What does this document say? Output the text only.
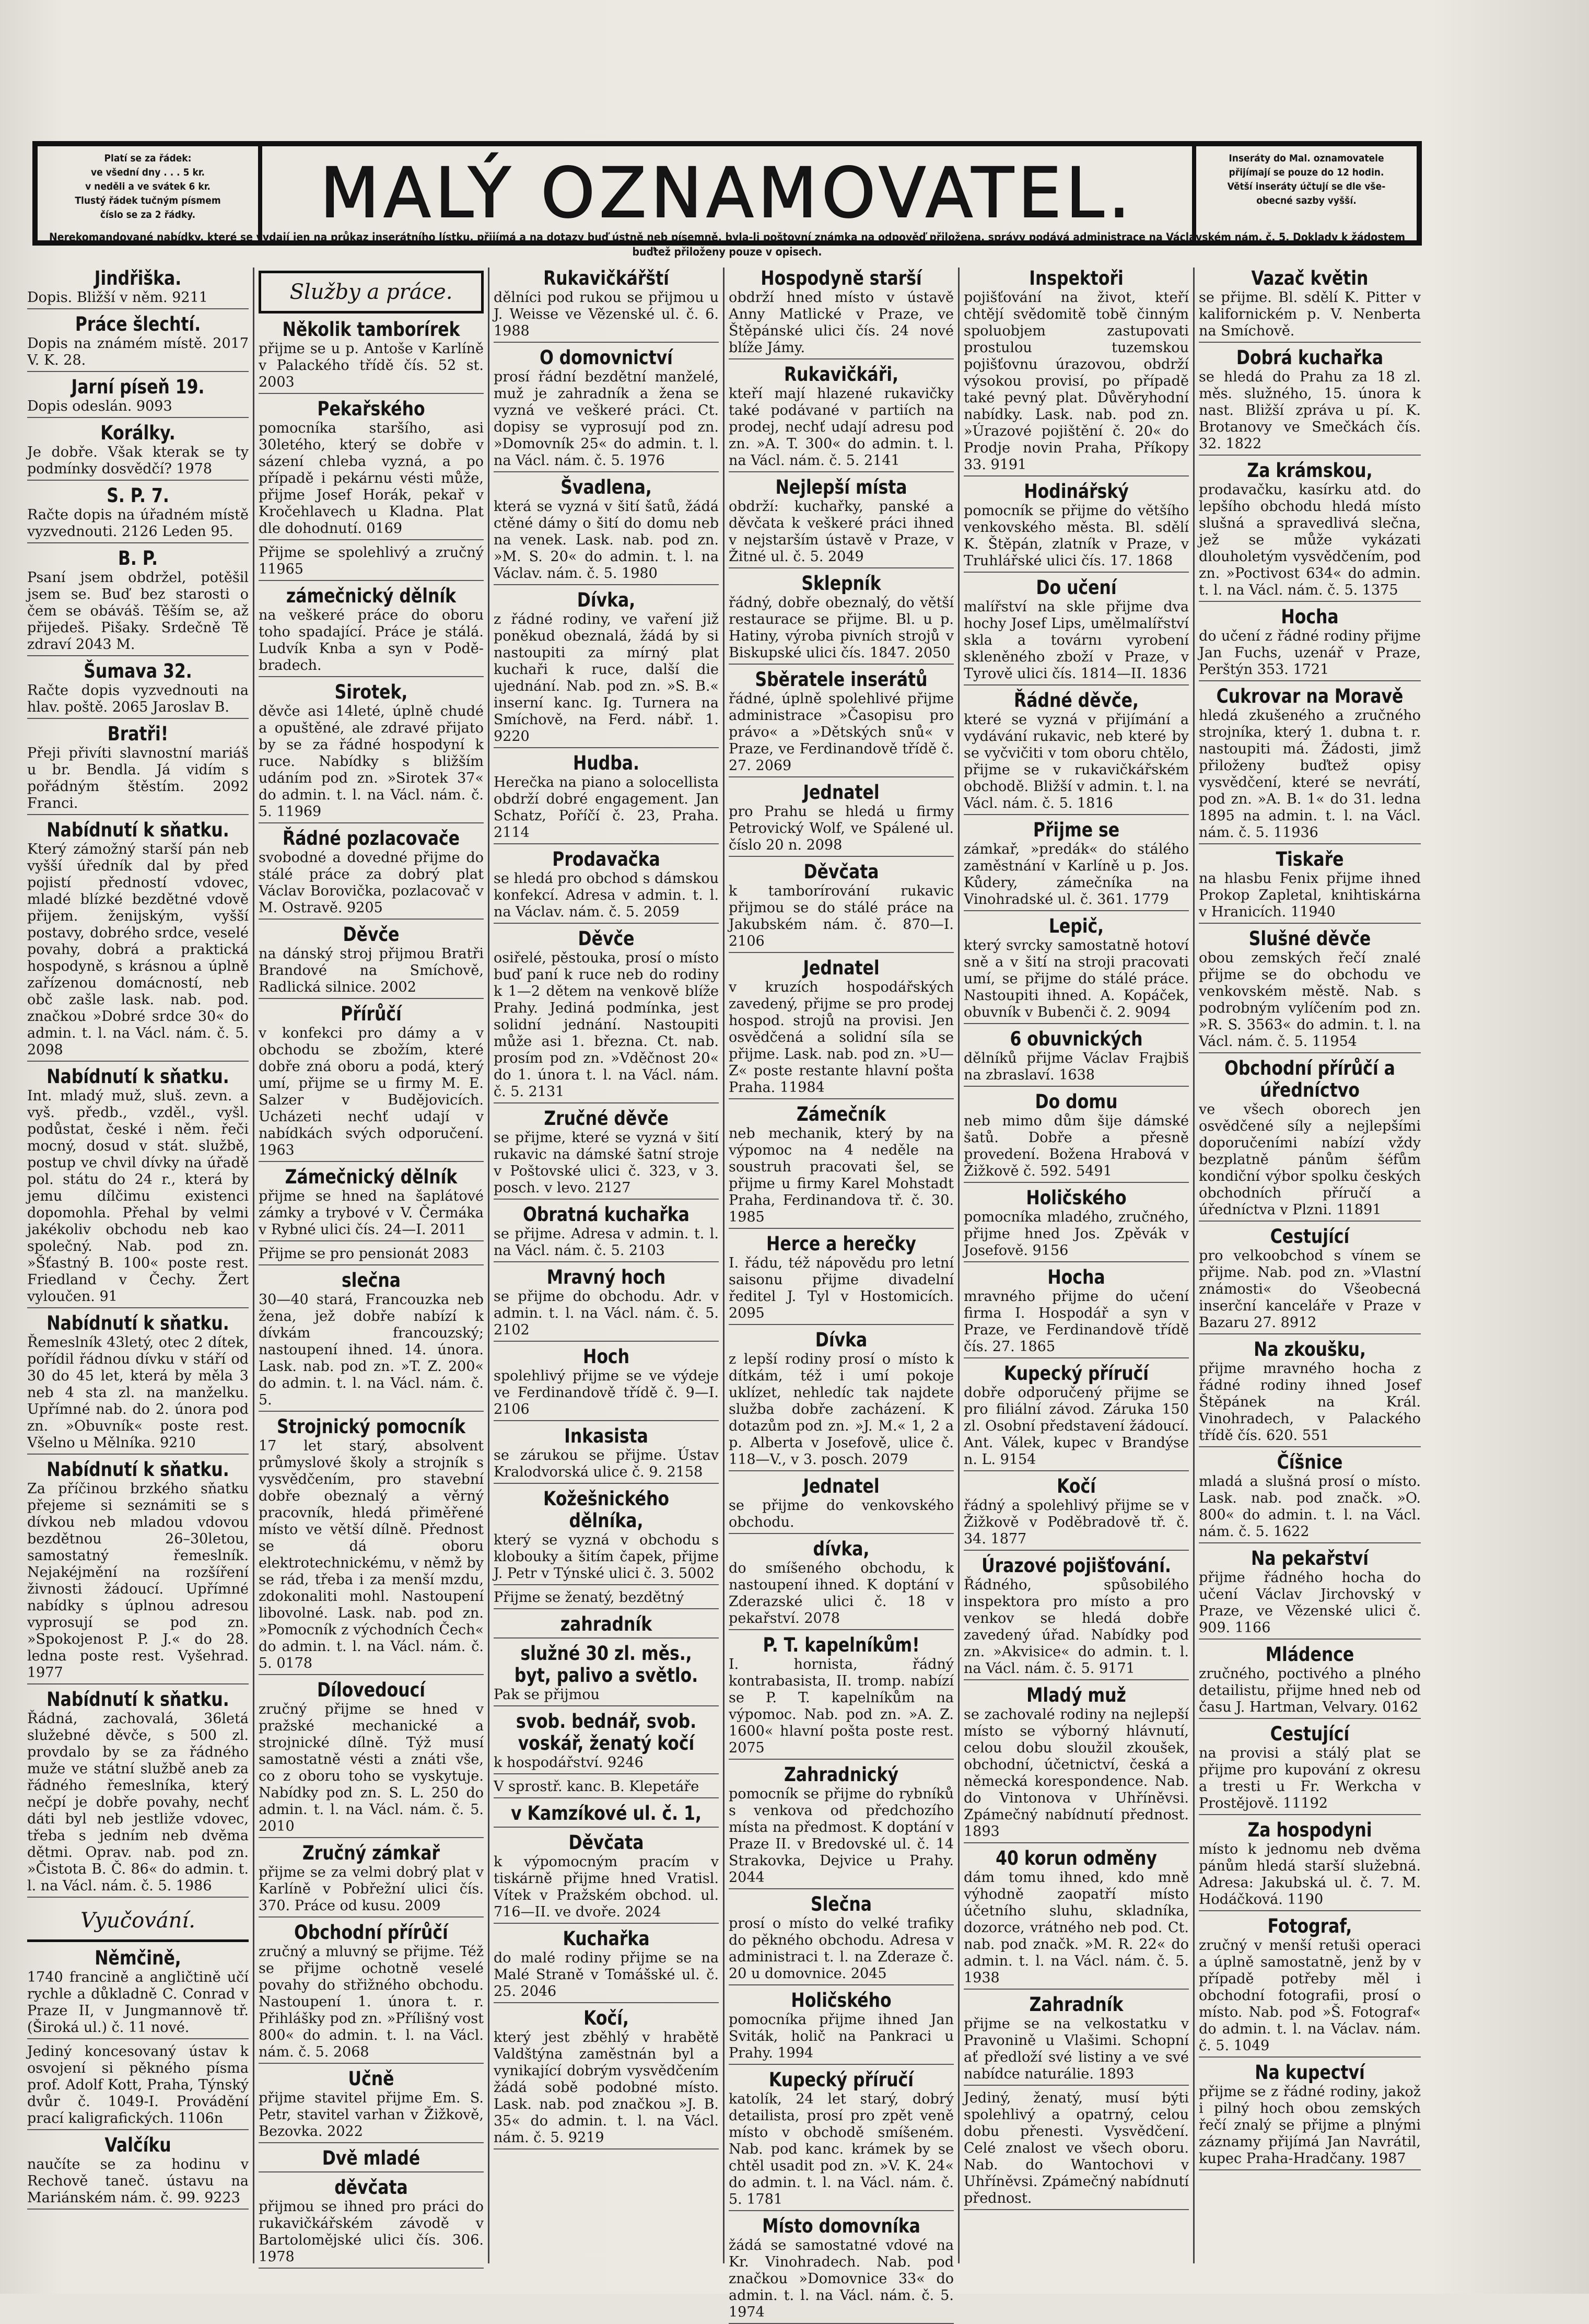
Platí se za řádek:
ve všední dny . . . 5 kr.
v neděli a ve svátek 6 kr.
Tlustý řádek tučným písmem
číslo se za 2 řádky.	MALÝ OZNAMOVATEL.	Inseráty do Mal. oznamovatele
přijímají se pouze do 12 hodin.
Větší inseráty účtují se dle vše-
obecné sazby vyšší.
Nerekomandované nabídky, které se vydají jen na průkaz inserátního lístku, přijímá a na dotazy buď ústně neb písemně, byla-li poštovní známka na odpověď přiložena, správy podává administrace na Václavském nám. č. 5. Doklady k žádostem buďtež přiloženy pouze v opisech.
Jindřiška.

Dopis. Bližší v něm. 9211

Práce šlechtí.

Dopis na známém místě. 2017 V. K. 28.

Jarní píseň 19.

Dopis odeslán. 9093

Korálky.

Je dobře. Však kterak se ty podmínky dosvědčí? 1978

S. P. 7.

Račte dopis na úřadném místě vyzvednouti. 2126 Leden 95.

B. P.

Psaní jsem obdržel, potěšil jsem se. Buď bez starosti o čem se obáváš. Těším se, až přijedeš. Pišaky. Srdečně Tě zdraví 2043 M.

Šumava 32.

Račte dopis vyzvednouti na hlav. poště. 2065 Jaroslav B.

Bratři!

Přeji přivíti slavnostní mariáš u br. Bendla. Já vidím s pořádným štěstím. 2092 Franci.

Nabídnutí k sňatku.

Který zámožný starší pán neb vyšší úředník dal by před pojistí předností vdovec, mladé blízké bezdětné vdově přijem. ženijským, vyšší postavy, dobrého srdce, veselé povahy, dobrá a praktická hospodyně, s krásnou a úplně zařízenou domácností, neb obč zašle lask. nab. pod. značkou »Dobré srdce 30« do admin. t. l. na Václ. nám. č. 5. 2098

Nabídnutí k sňatku.

Int. mladý muž, sluš. zevn. a vyš. předb., vzděl., vyšl. podůstat, české i něm. řeči mocný, dosud v stát. službě, postup ve chvil dívky na úřadě pol. státu do 24 r., která by jemu dílčimu existenci dopomohla. Přehal by velmi jakékoliv obchodu neb kao společný. Nab. pod zn. »Šťastný B. 100« poste rest. Friedland v Čechy. Žert vyloučen. 91

Nabídnutí k sňatku.

Řemeslník 43letý, otec 2 dítek, pořídil řádnou dívku v stáří od 30 do 45 let, která by měla 3 neb 4 sta zl. na manželku. Upřímné nab. do 2. února pod zn. »Obuvník« poste rest. Všelno u Mělníka. 9210

Nabídnutí k sňatku.

Za příčinou brzkého sňatku přejeme si seznámiti se s dívkou neb mladou vdovou bezdětnou 26–30letou, samostatný řemeslník. Nejakéjmění na rozšíření živnosti žádoucí. Upřímné nabídky s úplnou adresou vyprosují se pod zn. »Spokojenost P. J.« do 28. ledna poste rest. Vyšehrad. 1977

Nabídnutí k sňatku.

Řádná, zachovalá, 36letá služebné děvče, s 500 zl. provdalo by se za řádného muže ve státní službě aneb za řádného řemeslníka, který nečpí je dobře povahy, nechť dáti byl neb jestliže vdovec, třeba s jedním neb dvěma dětmi. Oprav. nab. pod zn. »Čistota B. Č. 86« do admin. t. l. na Václ. nám. č. 5. 1986

Vyučování.
Němčině,

1740 francině a angličtině učí rychle a důkladně C. Conrad v Praze II, v Jungmannově tř. (Široká ul.) č. 11 nové.

Jediný koncesovaný ústav k osvojení si pěkného písma prof. Adolf Kott, Praha, Týnský dvůr č. 1049-I. Provádění prací kaligrafických. 1106n

Valčíku

naučíte se za hodinu v Rechově taneč. ústavu na Mariánském nám. č. 99. 9223

Služby a práce.
Několik tamborírek

přijme se u p. Antoše v Karlíně v Palackého třídě čís. 52 st. 2003

Pekařského

pomocníka staršího, asi 30letého, který se dobře v sázení chleba vyzná, a po případě i pekárnu vésti může, přijme Josef Horák, pekař v Kročehlavech u Kladna. Plat dle dohodnutí. 0169

Přijme se spolehlivý a zručný 11965

zámečnický dělník

na veškeré práce do oboru toho spadající. Práce je stálá. Ludvík Knba a syn v Podě-bradech.

Sirotek,

děvče asi 14leté, úplně chudé a opuštěné, ale zdravé přijato by se za řádné hospodyní k ruce. Nabídky s bližším udáním pod zn. »Sirotek 37« do admin. t. l. na Václ. nám. č. 5. 11969

Řádné pozlacovače

svobodné a dovedné přijme do stálé práce za dobrý plat Václav Borovička, pozlacovač v M. Ostravě. 9205

Děvče

na dánský stroj přijmou Bratři Brandové na Smíchově, Radlická silnice. 2002

Přírůčí

v konfekci pro dámy a v obchodu se zbožím, které dobře zná oboru a podá, který umí, přijme se u firmy M. E. Salzer v Budějovicích. Ucházeti nechť udají v nabídkách svých odporučení. 1963

Zámečnický dělník

přijme se hned na šaplátové zámky a trybové v V. Čermáka v Rybné ulici čís. 24—I. 2011

Přijme se pro pensionát 2083

slečna

30—40 stará, Francouzka neb žena, jež dobře nabízí k dívkám francouzský; nastoupení ihned. 14. února. Lask. nab. pod zn. »T. Z. 200« do admin. t. l. na Václ. nám. č. 5.

Strojnický pomocník

17 let starý, absolvent průmyslové školy a strojník s vysvědčením, pro stavební dobře obeznalý a věrný pracovník, hledá přiměřené místo ve větší dílně. Přednost se dá oboru elektrotechnickému, v němž by se rád, třeba i za menší mzdu, zdokonaliti mohl. Nastoupení libovolné. Lask. nab. pod zn. »Pomocník z východních Čech« do admin. t. l. na Václ. nám. č. 5. 0178

Dílovedoucí

zručný přijme se hned v pražské mechanické a strojnické dílně. Týž musí samostatně vésti a znáti vše, co z oboru toho se vyskytuje. Nabídky pod zn. S. L. 250 do admin. t. l. na Václ. nám. č. 5. 2010

Zručný zámkař

přijme se za velmi dobrý plat v Karlíně v Pobřežní ulici čís. 370. Práce od kusu. 2009

Obchodní přírůčí

zručný a mluvný se přijme. Též se přijme ochotně veselé povahy do střižného obchodu. Nastoupení 1. února t. r. Přihlášky pod zn. »Přílišný vost 800« do admin. t. l. na Václ. nám. č. 5. 2068

Učně

přijme stavitel přijme Em. S. Petr, stavitel varhan v Žižkově, Bezovka. 2022

Dvě mladé
děvčata

přijmou se ihned pro práci do rukavičkářském závodě v Bartolomějské ulici čís. 306. 1978

Rukavičkářští

dělníci pod rukou se přijmou u J. Weisse ve Vězenské ul. č. 6. 1988

O domovnictví

prosí řádní bezdětní manželé, muž je zahradník a žena se vyzná ve veškeré práci. Ct. dopisy se vyprosují pod zn. »Domovník 25« do admin. t. l. na Václ. nám. č. 5. 1976

Švadlena,

která se vyzná v šití šatů, žádá ctěné dámy o šití do domu neb na venek. Lask. nab. pod zn. »M. S. 20« do admin. t. l. na Václav. nám. č. 5. 1980

Dívka,

z řádné rodiny, ve vaření již poněkud obeznalá, žádá by si nastoupiti za mírný plat kuchaři k ruce, další die ujednání. Nab. pod zn. »S. B.« inserní kanc. Ig. Turnera na Smíchově, na Ferd. nábř. 1. 9220

Hudba.

Herečka na piano a solocellista obdrží dobré engagement. Jan Schatz, Poříčí č. 23, Praha. 2114

Prodavačka

se hledá pro obchod s dámskou konfekcí. Adresa v admin. t. l. na Václav. nám. č. 5. 2059

Děvče

osiřelé, pěstouka, prosí o místo buď paní k ruce neb do rodiny k 1—2 dětem na venkově blíže Prahy. Jediná podmínka, jest solidní jednání. Nastoupiti může asi 1. března. Ct. nab. prosím pod zn. »Vděčnost 20« do 1. února t. l. na Václ. nám. č. 5. 2131

Zručné děvče

se přijme, které se vyzná v šití rukavic na dámské šatní stroje v Poštovské ulici č. 323, v 3. posch. v levo. 2127

Obratná kuchařka

se přijme. Adresa v admin. t. l. na Václ. nám. č. 5. 2103

Mravný hoch

se přijme do obchodu. Adr. v admin. t. l. na Václ. nám. č. 5. 2102

Hoch

spolehlivý přijme se ve výdeje ve Ferdinandově třídě č. 9—I. 2106

Inkasista

se zárukou se přijme. Ústav Kralodvorská ulice č. 9. 2158

Kožešnického dělníka,

který se vyzná v obchodu s klobouky a šitím čapek, přijme J. Petr v Týnské ulici č. 3. 5002

Přijme se ženatý, bezdětný

zahradník
služné 30 zl. měs., byt, palivo a světlo.

Pak se přijmou

svob. bednář, svob. voskář, ženatý kočí

k hospodářství. 9246

V sprostř. kanc. B. Klepetáře

v Kamzíkové ul. č. 1,
Děvčata

k výpomocným pracím v tiskárně přijme hned Vratisl. Vítek v Pražském obchod. ul. 716—II. ve dvoře. 2024

Kuchařka

do malé rodiny přijme se na Malé Straně v Tomášské ul. č. 25. 2046

Kočí,

který jest zběhlý v hrabětě Valdštýna zaměstnán byl a vynikající dobrým vysvědčením žádá sobě podobné místo. Lask. nab. pod značkou »J. B. 35« do admin. t. l. na Václ. nám. č. 5. 9219

Hospodyně starší

obdrží hned místo v ústavě Anny Matlické v Praze, ve Štěpánské ulici čís. 24 nové blíže Jámy.

Rukavičkáři,

kteří mají hlazené rukavičky také podávané v partiích na prodej, nechť udají adresu pod zn. »A. T. 300« do admin. t. l. na Václ. nám. č. 5. 2141

Nejlepší místa

obdrží: kuchařky, panské a děvčata k veškeré práci ihned v nejstarším ústavě v Praze, v Žitné ul. č. 5. 2049

Sklepník

řádný, dobře obeznalý, do větší restaurace se přijme. Bl. u p. Hatiny, výroba pivních strojů v Biskupské ulici čís. 1847. 2050

Sběratele inserátů

řádné, úplně spolehlivé přijme administrace »Časopisu pro právo« a »Dětských snů« v Praze, ve Ferdinandově třídě č. 27. 2069

Jednatel

pro Prahu se hledá u firmy Petrovický Wolf, ve Spálené ul. číslo 20 n. 2098

Děvčata

k tamborírování rukavic přijmou se do stálé práce na Jakubském nám. č. 870—I. 2106

Jednatel

v kruzích hospodářských zavedený, přijme se pro prodej hospod. strojů na provisi. Jen osvědčená a solidní síla se přijme. Lask. nab. pod zn. »U—Z« poste restante hlavní pošta Praha. 11984

Zámečník

neb mechanik, který by na výpomoc na 4 neděle na soustruh pracovati šel, se přijme u firmy Karel Mohstadt Praha, Ferdinandova tř. č. 30. 1985

Herce a herečky

I. řádu, též nápovědu pro letní saisonu přijme divadelní ředitel J. Tyl v Hostomicích. 2095

Dívka

z lepší rodiny prosí o místo k dítkám, též i umí pokoje uklízet, nehledíc tak najdete služba dobře zacházení. K dotazům pod zn. »J. M.« 1, 2 a p. Alberta v Josefově, ulice č. 118—V., v 3. posch. 2079

Jednatel

se přijme do venkovského obchodu.

dívka,

do smíšeného obchodu, k nastoupení ihned. K doptání v Zderazské ulici č. 18 v pekařství. 2078

P. T. kapelníkům!

I. hornista, řádný kontrabasista, II. tromp. nabízí se P. T. kapelníkům na výpomoc. Nab. pod zn. »A. Z. 1600« hlavní pošta poste rest. 2075

Zahradnický

pomocník se přijme do rybníků s venkova od předchozího místa na předmost. K doptání v Praze II. v Bredovské ul. č. 14 Strakovka, Dejvice u Prahy. 2044

Slečna

prosí o místo do velké trafiky do pěkného obchodu. Adresa v administraci t. l. na Zderaze č. 20 u domovnice. 2045

Holičského

pomocníka přijme ihned Jan Sviták, holič na Pankraci u Prahy. 1994

Kupecký příručí

katolík, 24 let starý, dobrý detailista, prosí pro zpět veně místo v obchodě smíšeném. Nab. pod kanc. krámek by se chtěl usadit pod zn. »V. K. 24« do admin. t. l. na Václ. nám. č. 5. 1781

Místo domovníka

žádá se samostatné vdové na Kr. Vinohradech. Nab. pod značkou »Domovnice 33« do admin. t. l. na Václ. nám. č. 5. 1974

Inspektoři

pojišťování na život, kteří chtějí svědomitě tobě činným spoluobjem zastupovati prostulou tuzemskou pojišťovnu úrazovou, obdrží výsokou provisí, po případě také pevný plat. Důvěryhodní nabídky. Lask. nab. pod zn. »Úrazové pojištění č. 20« do Prodje novin Praha, Příkopy 33. 9191

Hodinářský

pomocník se přijme do většího venkovského města. Bl. sdělí K. Štěpán, zlatník v Praze, v Truhlářské ulici čís. 17. 1868

Do učení

malířství na skle přijme dva hochy Josef Lips, umělmalířství skla a továrnı vyrobení skleněného zboží v Praze, v Tyrově ulici čís. 1814—II. 1836

Řádné děvče,

které se vyzná v přijímání a vydávání rukavic, neb které by se vyčvičiti v tom oboru chtělo, přijme se v rukavičkářském obchodě. Bližší v admin. t. l. na Václ. nám. č. 5. 1816

Přijme se

zámkař, »predák« do stálého zaměstnání v Karlíně u p. Jos. Kůdery, zámečníka na Vinohradské ul. č. 361. 1779

Lepič,

který svrcky samostatně hotoví sně a v šití na stroji pracovati umí, se přijme do stálé práce. Nastoupiti ihned. A. Kopáček, obuvník v Bubenči č. 2. 9094

6 obuvnických

dělníků přijme Václav Frajbiš na zbraslaví. 1638

Do domu

neb mimo dům šije dámské šatů. Dobře a přesně provedení. Božena Hrabová v Žižkově č. 592. 5491

Holičského

pomocníka mladého, zručného, přijme hned Jos. Zpěvák v Josefově. 9156

Hocha

mravného přijme do učení firma I. Hospodář a syn v Praze, ve Ferdinandově třídě čís. 27. 1865

Kupecký příručí

dobře odporučený přijme se pro filiální závod. Záruka 150 zl. Osobní představení žádoucí. Ant. Válek, kupec v Brandýse n. L. 9154

Kočí

řádný a spolehlivý přijme se v Žižkově v Poděbradově tř. č. 34. 1877

Úrazové pojišťování.

Řádného, spůsobilého inspektora pro místo a pro venkov se hledá dobře zavedený úřad. Nabídky pod zn. »Akvisice« do admin. t. l. na Václ. nám. č. 5. 9171

Mladý muž

se zachovalé rodiny na nejlepší místo se výborný hlávnutí, celou dobu sloužil zkoušek, obchodní, účetnictví, česká a německá korespondence. Nab. do Vintonova v Uhříněvsi. Zpámečný nabídnutí přednost. 1893

40 korun odměny

dám tomu ihned, kdo mně výhodně zaopatří místo účetního sluhu, skladníka, dozorce, vrátného neb pod. Ct. nab. pod značk. »M. R. 22« do admin. t. l. na Václ. nám. č. 5. 1938

Zahradník

přijme se na velkostatku v Pravonině u Vlašimi. Schopní ať předloží své listiny a ve své nabídce naturálie. 1893

Jediný, ženatý, musí býti spolehlivý a opatrný, celou dobu přenesti. Vysvědčení. Celé znalost ve všech oboru. Nab. do Wantochovi v Uhříněvsi. Zpámečný nabídnutí přednost.

Vazač květin

se přijme. Bl. sdělí K. Pitter v kalifornickém p. V. Nenberta na Smíchově.

Dobrá kuchařka

se hledá do Prahu za 18 zl. měs. služného, 15. února k nast. Bližší zpráva u pí. K. Brotanovy ve Smečkách čís. 32. 1822

Za krámskou,

prodavačku, kasírku atd. do lepšího obchodu hledá místo slušná a spravedlivá slečna, jež se může vykázati dlouholetým vysvědčením, pod zn. »Poctivost 634« do admin. t. l. na Václ. nám. č. 5. 1375

Hocha

do učení z řádné rodiny přijme Jan Fuchs, uzenář v Praze, Perštýn 353. 1721

Cukrovar na Moravě

hledá zkušeného a zručného strojníka, který 1. dubna t. r. nastoupiti má. Žádosti, jimž přiloženy buďtež opisy vysvědčení, které se nevrátí, pod zn. »A. B. 1« do 31. ledna 1895 na admin. t. l. na Václ. nám. č. 5. 11936

Tiskaře

na hlasbu Fenix přijme ihned Prokop Zapletal, knihtiskárna v Hranicích. 11940

Slušné děvče

obou zemských řečí znalé přijme se do obchodu ve venkovském městě. Nab. s podrobným vylíčením pod zn. »R. S. 3563« do admin. t. l. na Václ. nám. č. 5. 11954

Obchodní přírůčí a úředníctvo

ve všech oborech jen osvědčené síly a nejlepšími doporučeními nabízí vždy bezplatně pánům šéfům kondiční výbor spolku českých obchodních příručí a úředníctva v Plzni. 11891

Cestující

pro velkoobchod s vínem se přijme. Nab. pod zn. »Vlastní známosti« do Všeobecná inserční kanceláře v Praze v Bazaru 27. 8912

Na zkoušku,

přijme mravného hocha z řádné rodiny ihned Josef Štěpánek na Král. Vinohradech, v Palackého třídě čís. 620. 551

Číšnice

mladá a slušná prosí o místo. Lask. nab. pod značk. »O. 800« do admin. t. l. na Václ. nám. č. 5. 1622

Na pekařství

přijme řádného hocha do učení Václav Jirchovský v Praze, ve Vězenské ulici č. 909. 1166

Mládence

zručného, poctivého a plného detailistu, přijme hned neb od času J. Hartman, Velvary. 0162

Cestující

na provisi a stálý plat se přijme pro kupování z okresu a tresti u Fr. Werkcha v Prostějově. 11192

Za hospodyni

místo k jednomu neb dvěma pánům hledá starší služebná. Adresa: Jakubská ul. č. 7. M. Hodáčková. 1190

Fotograf,

zručný v menší retuši operaci a úplně samostatně, jenž by v případě potřeby měl i obchodní fotografii, prosí o místo. Nab. pod »Š. Fotograf« do admin. t. l. na Václav. nám. č. 5. 1049

Na kupectví

přijme se z řádné rodiny, jakož i pilný hoch obou zemských řečí znalý se přijme a plnými záznamy přijímá Jan Navrátil, kupec Praha-Hradčany. 1987
